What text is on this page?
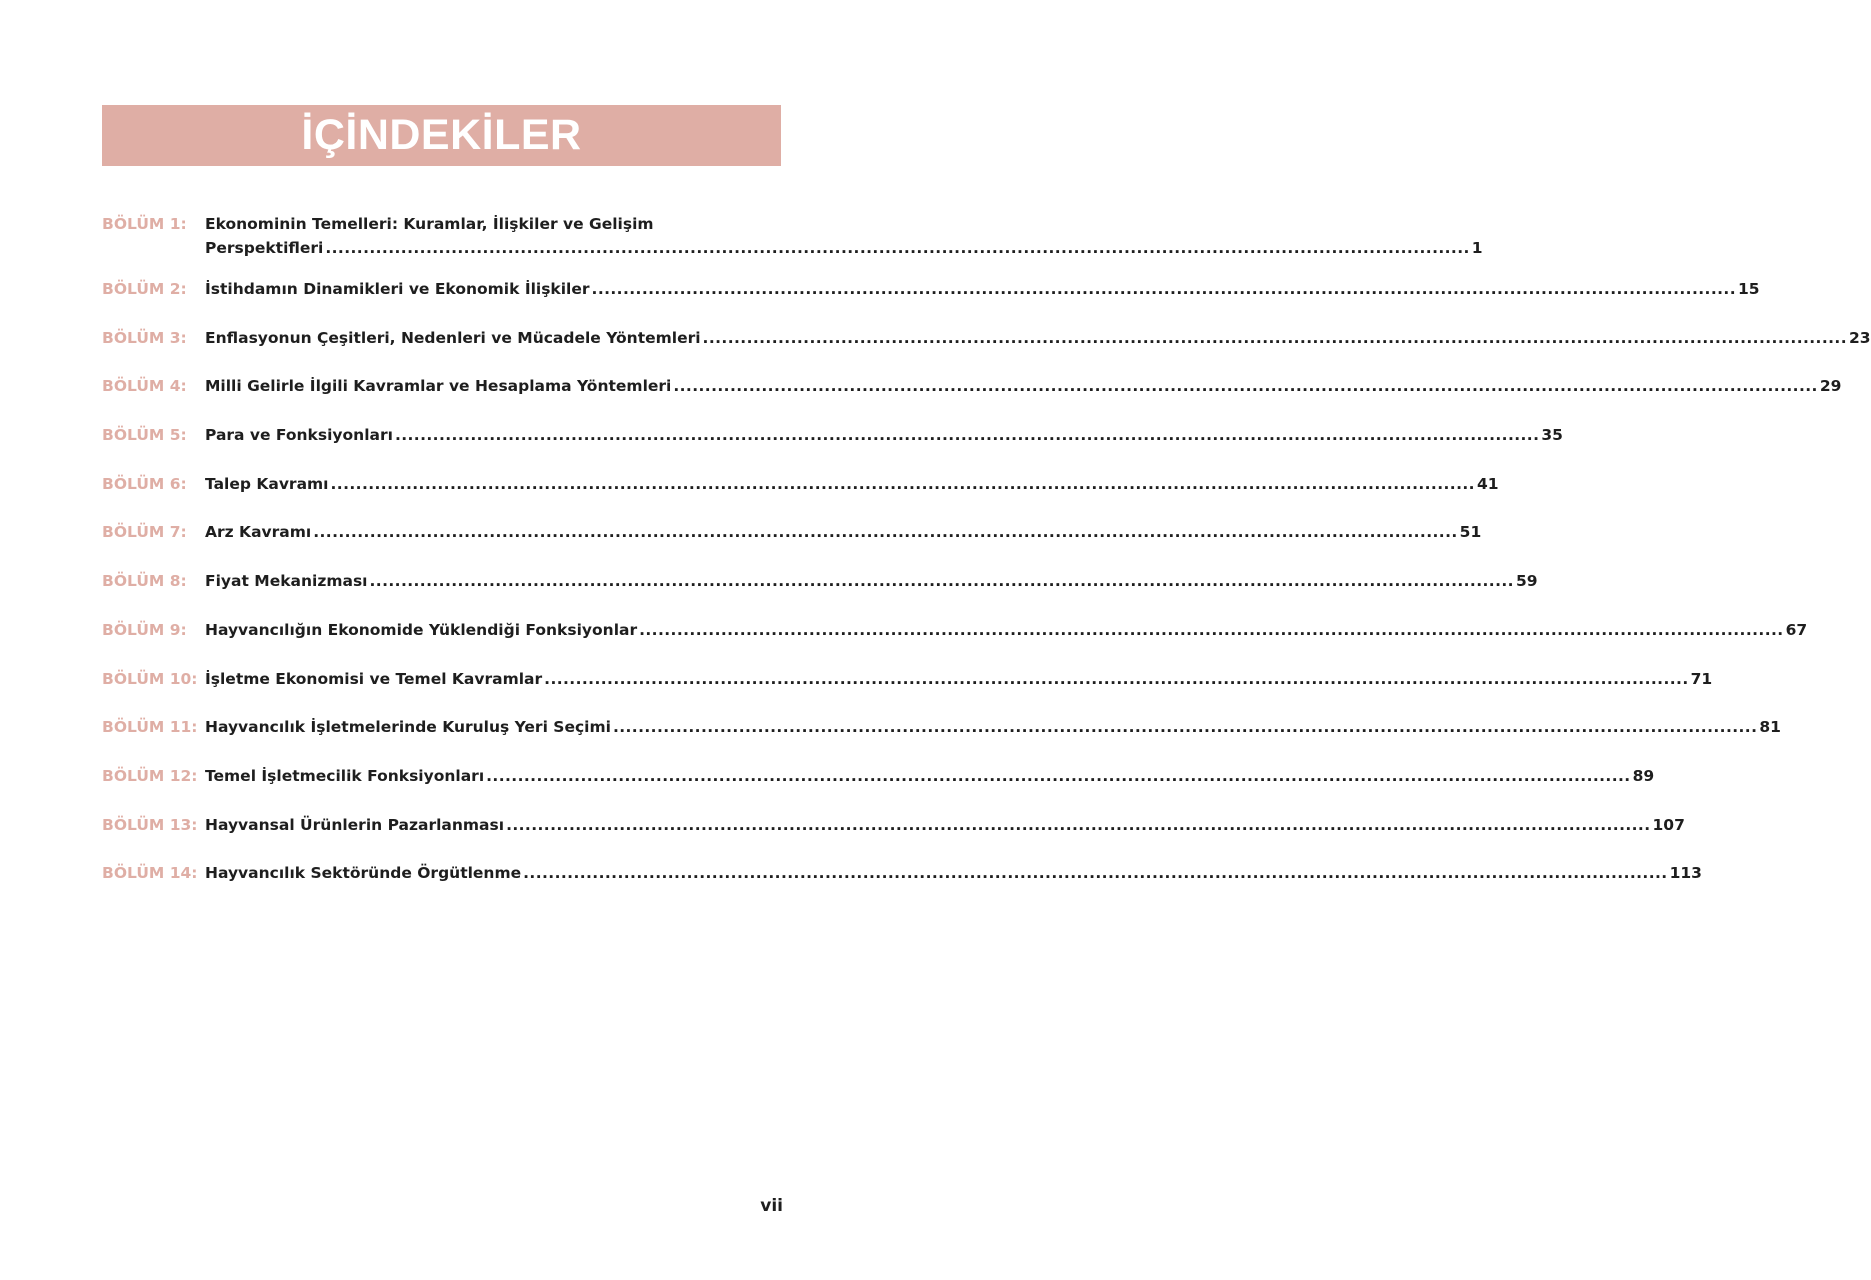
İÇİNDEKİLER
BÖLÜM 1: Ekonominin Temelleri: Kuramlar, İlişkiler ve Gelişim
Perspektifleri .....	1
BÖLÜM 2: İstihdamın Dinamikleri ve Ekonomik İlişkiler .....	15
BÖLÜM 3: Enflasyonun Çeşitleri, Nedenleri ve Mücadele Yöntemleri .....	23
BÖLÜM 4: Milli Gelirle İlgili Kavramlar ve Hesaplama Yöntemleri .....	29
BÖLÜM 5: Para ve Fonksiyonları .....	35
BÖLÜM 6: Talep Kavramı .....	41
BÖLÜM 7: Arz Kavramı .....	51
BÖLÜM 8: Fiyat Mekanizması .....	59
BÖLÜM 9: Hayvancılığın Ekonomide Yüklendiği Fonksiyonlar .....	67
BÖLÜM 10: İşletme Ekonomisi ve Temel Kavramlar .....	71
BÖLÜM 11: Hayvancılık İşletmelerinde Kuruluş Yeri Seçimi .....	81
BÖLÜM 12: Temel İşletmecilik Fonksiyonları .....	89
BÖLÜM 13: Hayvansal Ürünlerin Pazarlanması .....	107
BÖLÜM 14: Hayvancılık Sektöründe Örgütlenme .....	113
vii
